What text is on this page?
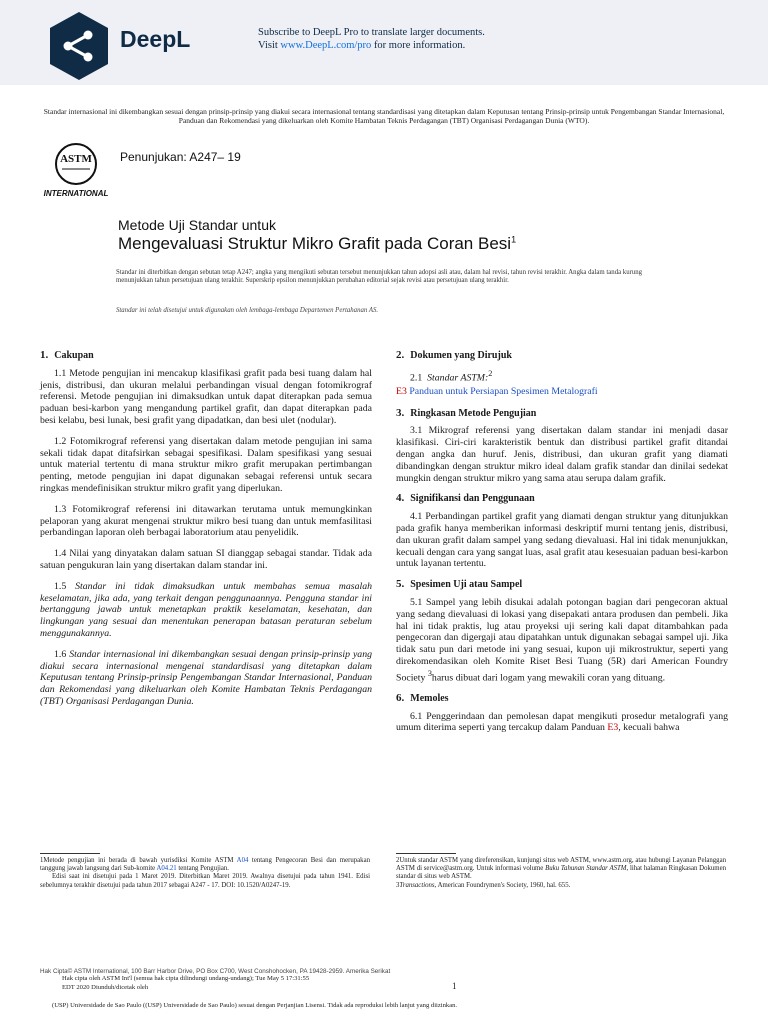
DeepL	Subscribe to DeepL Pro to translate larger documents.
Visit www.DeepL.com/pro for more information.
Standar internasional ini dikembangkan sesuai dengan prinsip-prinsip yang diakui secara internasional tentang standardisasi yang ditetapkan dalam Keputusan tentang Prinsip-prinsip untuk Pengembangan Standar Internasional, Panduan dan Rekomendasi yang dikeluarkan oleh Komite Hambatan Teknis Perdagangan (TBT) Organisasi Perdagangan Dunia (WTO).
ASTM
INTERNATIONAL
Penunjukan: A247– 19
Metode Uji Standar untuk
Mengevaluasi Struktur Mikro Grafit pada Coran Besi$^1$
Standar ini diterbitkan dengan sebutan tetap A247; angka yang mengikuti sebutan tersebut menunjukkan tahun adopsi asli atau, dalam hal revisi, tahun revisi terakhir. Angka dalam tanda kurung menunjukkan tahun persetujuan ulang terakhir. Superskrip epsilon menunjukkan perubahan editorial sejak revisi atau persetujuan ulang terakhir.
Standar ini telah disetujui untuk digunakan oleh lembaga-lembaga Departemen Pertahanan AS.
1. Cakupan

1.1 Metode pengujian ini mencakup klasifikasi grafit pada besi tuang dalam hal jenis, distribusi, dan ukuran melalui perbandingan visual dengan fotomikrograf referensi. Metode pengujian ini dimaksudkan untuk dapat diterapkan pada semua paduan besi-karbon yang mengandung partikel grafit, dan dapat diterapkan pada besi kelabu, besi lunak, besi grafit yang dipadatkan, dan besi ulet (nodular).

1.2 Fotomikrograf referensi yang disertakan dalam metode pengujian ini sama sekali tidak dapat ditafsirkan sebagai spesifikasi. Dalam spesifikasi yang sesuai untuk material tertentu di mana struktur mikro grafit merupakan pertimbangan penting, metode pengujian ini dapat digunakan sebagai referensi untuk secara ringkas mendefinisikan struktur mikro grafit yang diperlukan.

1.3 Fotomikrograf referensi ini ditawarkan terutama untuk memungkinkan pelaporan yang akurat mengenai struktur mikro besi tuang dan untuk memfasilitasi perbandingan laporan oleh berbagai laboratorium atau penyelidik.

1.4 Nilai yang dinyatakan dalam satuan SI dianggap sebagai standar. Tidak ada satuan pengukuran lain yang disertakan dalam standar ini.

1.5 Standar ini tidak dimaksudkan untuk membahas semua masalah keselamatan, jika ada, yang terkait dengan penggunaannya. Pengguna standar ini bertanggung jawab untuk menetapkan praktik keselamatan, kesehatan, dan lingkungan yang sesuai dan menentukan penerapan batasan peraturan sebelum menggunakannya.

1.6 Standar internasional ini dikembangkan sesuai dengan prinsip-prinsip yang diakui secara internasional mengenai standardisasi yang ditetapkan dalam Keputusan tentang Prinsip-prinsip Pengembangan Standar Internasional, Panduan dan Rekomendasi yang dikeluarkan oleh Komite Hambatan Teknis Perdagangan (TBT) Organisasi Perdagangan Dunia.

2. Dokumen yang Dirujuk
2.1 Standar ASTM:$^2$
E3 Panduan untuk Persiapan Spesimen Metalografi
3. Ringkasan Metode Pengujian

3.1 Mikrograf referensi yang disertakan dalam standar ini menjadi dasar klasifikasi. Ciri-ciri karakteristik bentuk dan distribusi partikel grafit ditandai dengan angka dan huruf. Jenis, distribusi, dan ukuran grafit yang diamati dibandingkan dengan struktur mikro ideal dalam grafik standar dan dinilai sedekat mungkin dengan struktur mikro yang sama atau serupa dalam grafik.

4. Signifikansi dan Penggunaan

4.1 Perbandingan partikel grafit yang diamati dengan struktur yang ditunjukkan pada grafik hanya memberikan informasi deskriptif murni tentang jenis, distribusi, dan ukuran grafit dalam sampel yang sedang dievaluasi. Hal ini tidak menunjukkan, kecuali dengan cara yang sangat luas, asal grafit atau kesesuaian paduan besi-karbon untuk layanan tertentu.

5. Spesimen Uji atau Sampel

5.1 Sampel yang lebih disukai adalah potongan bagian dari pengecoran aktual yang sedang dievaluasi di lokasi yang disepakati antara produsen dan pembeli. Jika hal ini tidak praktis, lug atau proyeksi uji sering kali dapat ditambahkan pada pengecoran dan digergaji atau dipatahkan untuk digunakan sebagai sampel uji. Jika tidak satu pun dari metode ini yang sesuai, kupon uji mikrostruktur, seperti yang direkomendasikan oleh Komite Riset Besi Tuang (5R) dari American Foundry Society $^3$harus dibuat dari logam yang mewakili coran yang dituang.

6. Memoles

6.1 Penggerindaan dan pemolesan dapat mengikuti prosedur metalografi yang umum diterima seperti yang tercakup dalam Panduan E3, kecuali bahwa

1Metode pengujian ini berada di bawah yurisdiksi Komite ASTM A04 tentang Pengecoran Besi dan merupakan tanggung jawab langsung dari Sub-komite A04.21 tentang Pengujian.
Edisi saat ini disetujui pada 1 Maret 2019. Diterbitkan Maret 2019. Awalnya disetujui pada tahun 1941. Edisi sebelumnya terakhir disetujui pada tahun 2017 sebagai A247 - 17. DOI: 10.1520/A0247-19.
2Untuk standar ASTM yang direferensikan, kunjungi situs web ASTM, www.astm.org, atau hubungi Layanan Pelanggan ASTM di service@astm.org. Untuk informasi volume Buku Tahunan Standar ASTM, lihat halaman Ringkasan Dokumen standar di situs web ASTM.
3Transactions, American Foundrymen's Society, 1960, hal. 655.
Hak Cipta© ASTM International, 100 Barr Harbor Drive, PO Box C700, West Conshohocken, PA 19428-2959. Amerika Serikat
Hak cipta oleh ASTM Int'l (semua hak cipta dilindungi undang-undang); Tue May 5 17:31:55
1
EDT 2020 Diunduh/dicetak oleh
(USP) Universidade de Sao Paulo ((USP) Universidade de Sao Paulo) sesuai dengan Perjanjian Lisensi. Tidak ada reproduksi lebih lanjut yang diizinkan.
